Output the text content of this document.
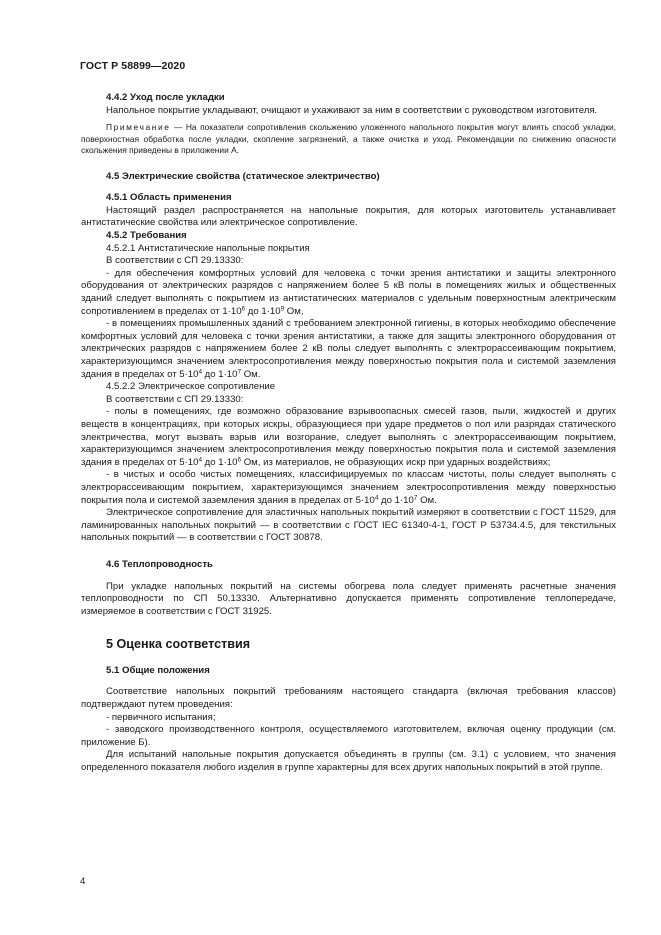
ГОСТ Р 58899—2020

4.4.2 Уход после укладки

Напольное покрытие укладывают, очищают и ухаживают за ним в соответствии с руководством изготовителя.

Примечание — На показатели сопротивления скольжению уложенного напольного покрытия могут влиять способ укладки, поверхностная обработка после укладки, скопление загрязнений, а также очистка и уход. Рекомендации по снижению опасности скольжения приведены в приложении А.

4.5 Электрические свойства (статическое электричество)

4.5.1 Область применения

Настоящий раздел распространяется на напольные покрытия, для которых изготовитель устанавливает антистатические свойства или электрическое сопротивление.

4.5.2 Требования

4.5.2.1 Антистатические напольные покрытия

В соответствии с СП 29.13330:

- для обеспечения комфортных условий для человека с точки зрения антистатики и защиты электронного оборудования от электрических разрядов с напряжением более 5 кВ полы в помещениях жилых и общественных зданий следует выполнять с покрытием из антистатических материалов с удельным поверхностным электрическим сопротивлением в пределах от $1\cdot 10^6$ до $1\cdot 10^9$ Ом,

- в помещениях промышленных зданий с требованием электронной гигиены, в которых необходимо обеспечение комфортных условий для человека с точки зрения антистатики, а также для защиты электронного оборудования от электрических разрядов с напряжением более 2 кВ полы следует выполнять с электрорассеивающим покрытием, характеризующимся значением электросопротивления между поверхностью покрытия пола и системой заземления здания в пределах от $5\cdot 10^4$ до $1\cdot 10^7$ Ом.

4.5.2.2 Электрическое сопротивление

В соответствии с СП 29.13330:

- полы в помещениях, где возможно образование взрывоопасных смесей газов, пыли, жидкостей и других веществ в концентрациях, при которых искры, образующиеся при ударе предметов о пол или разрядах статического электричества, могут вызвать взрыв или возгорание, следует выполнять с электрорассеивающим покрытием, характеризующимся значением электросопротивления между поверхностью покрытия пола и системой заземления здания в пределах от $5\cdot 10^4$ до $1\cdot 10^6$ Ом, из материалов, не образующих искр при ударных воздействиях;

- в чистых и особо чистых помещениях, классифицируемых по классам чистоты, полы следует выполнять с электрорассеивающим покрытием, характеризующимся значением электросопротивления между поверхностью покрытия пола и системой заземления здания в пределах от $5\cdot 10^4$ до $1\cdot 10^7$ Ом.

Электрическое сопротивление для эластичных напольных покрытий измеряют в соответствии с ГОСТ 11529, для ламинированных напольных покрытий — в соответствии с ГОСТ IEC 61340-4-1, ГОСТ Р 53734.4.5, для текстильных напольных покрытий — в соответствии с ГОСТ 30878.

4.6 Теплопроводность

При укладке напольных покрытий на системы обогрева пола следует применять расчетные значения теплопроводности по СП 50.13330. Альтернативно допускается применять сопротивление теплопередаче, измеряемое в соответствии с ГОСТ 31925.

5 Оценка соответствия

5.1 Общие положения

Соответствие напольных покрытий требованиям настоящего стандарта (включая требования классов) подтверждают путем проведения:

- первичного испытания;

- заводского производственного контроля, осуществляемого изготовителем, включая оценку продукции (см. приложение Б).

Для испытаний напольные покрытия допускается объединять в группы (см. 3.1) с условием, что значения определенного показателя любого изделия в группе характерны для всех других напольных покрытий в этой группе.

4
